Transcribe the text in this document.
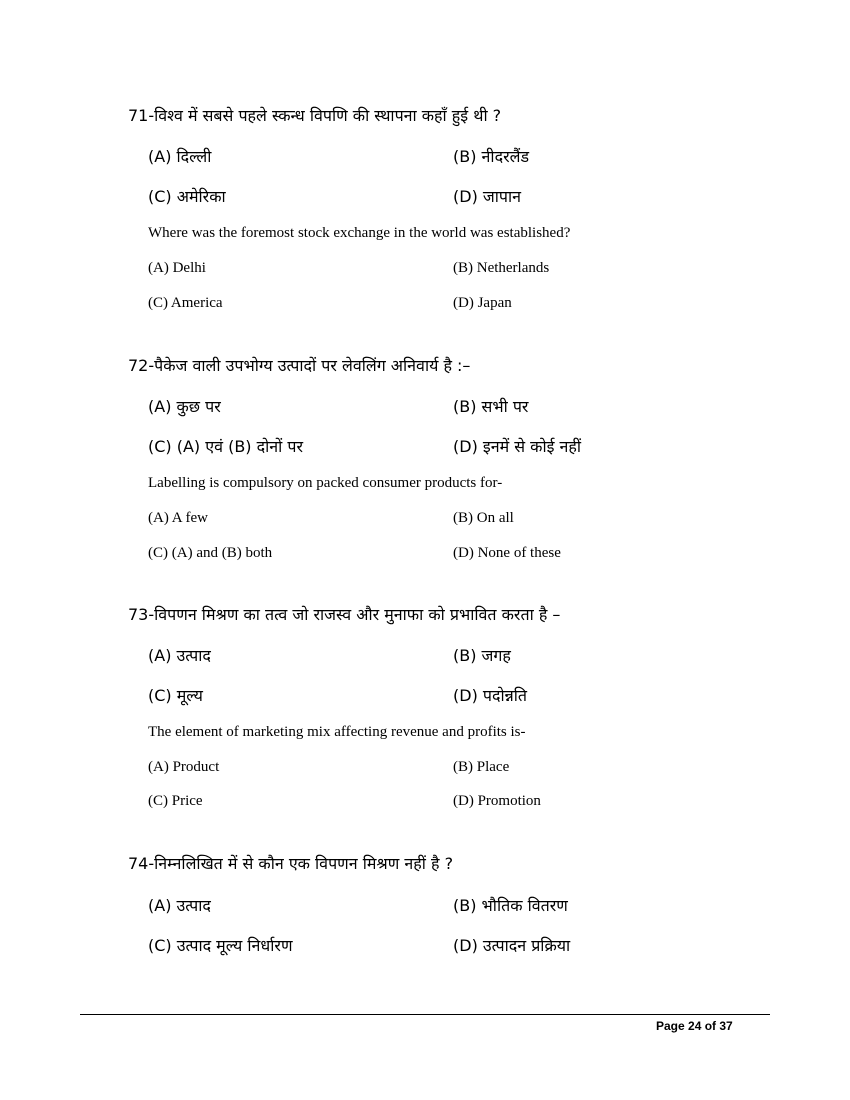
71-विश्व में सबसे पहले स्कन्ध विपणि की स्थापना कहाँ हुई थी ?
(A) दिल्ली	(B) नीदरलैंड
(C) अमेरिका	(D) जापान
Where was the foremost stock exchange in the world was established?
(A) Delhi	(B) Netherlands
(C) America	(D) Japan
72-पैकेज वाली उपभोग्य उत्पादों पर लेवलिंग अनिवार्य है :–
(A) कुछ पर	(B) सभी पर
(C) (A) एवं (B) दोनों पर	(D) इनमें से कोई नहीं
Labelling is compulsory on packed consumer products for-
(A) A few	(B) On all
(C) (A) and (B) both	(D) None of these
73-विपणन मिश्रण का तत्व जो राजस्व और मुनाफा को प्रभावित करता है –
(A) उत्पाद	(B) जगह
(C) मूल्य	(D) पदोन्नति
The element of marketing mix affecting revenue and profits is-
(A) Product	(B) Place
(C) Price	(D) Promotion
74-निम्नलिखित में से कौन एक विपणन मिश्रण नहीं है ?
(A) उत्पाद	(B) भौतिक वितरण
(C) उत्पाद मूल्य निर्धारण	(D) उत्पादन प्रक्रिया
Page 24 of 37
